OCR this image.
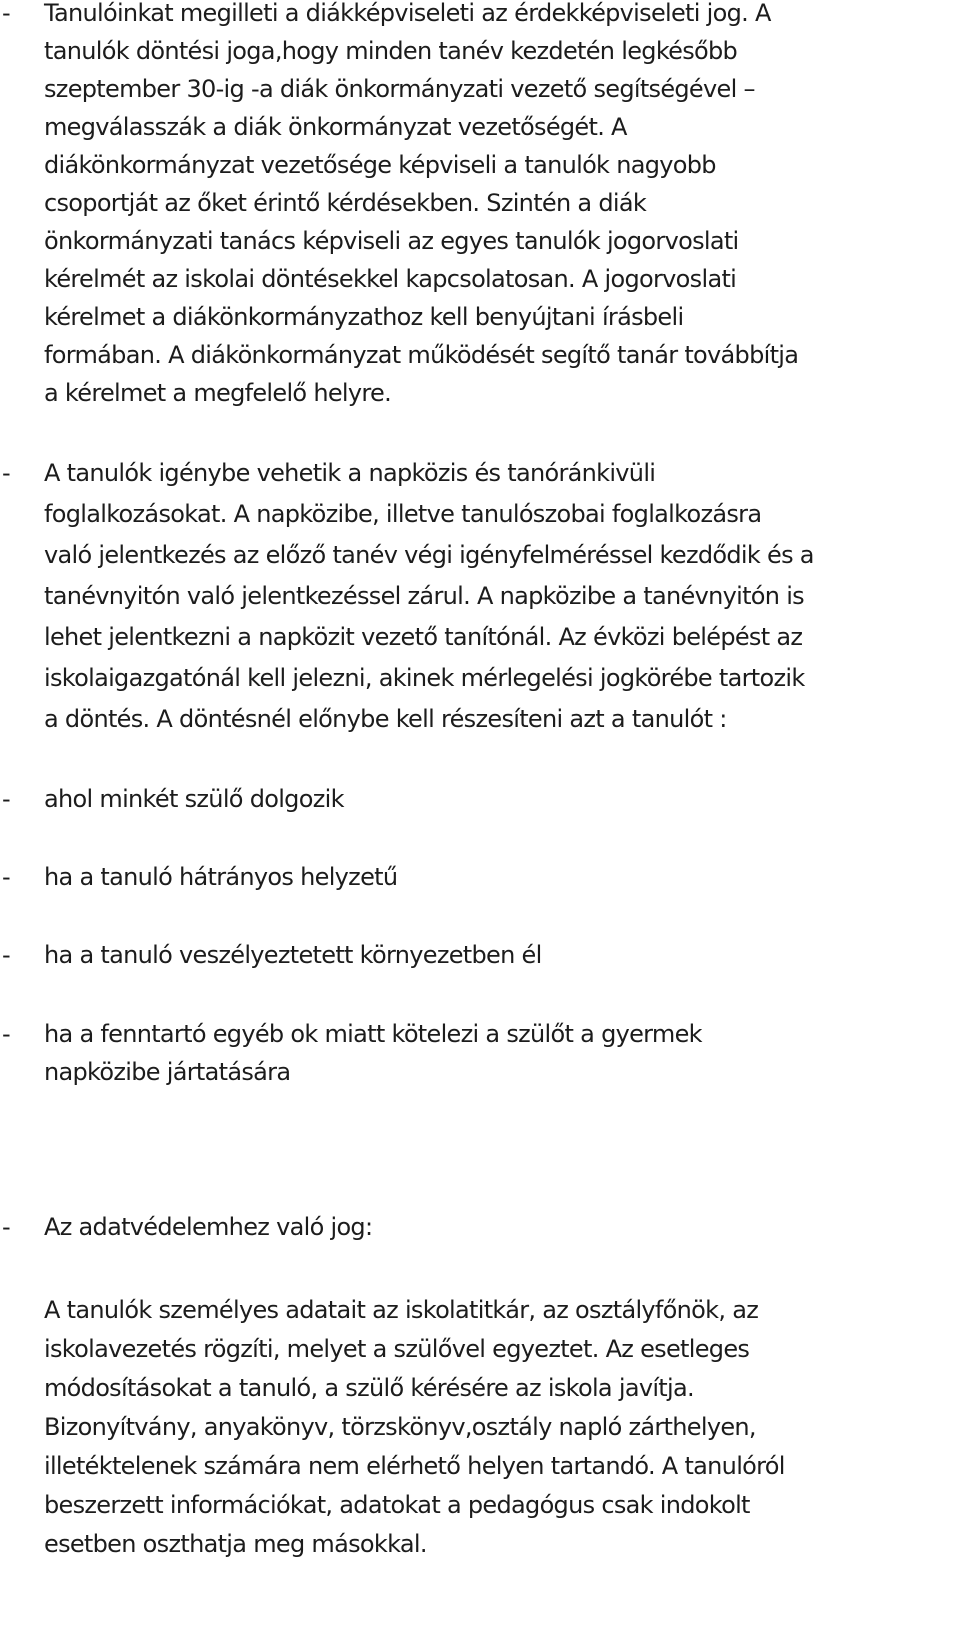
- Tanulóinkat megilleti a diákképviseleti az érdekképviseleti jog. A
tanulók döntési joga,hogy minden tanév kezdetén legkésőbb
szeptember 30-ig -a diák önkormányzati vezető segítségével –
megválasszák a diák önkormányzat vezetőségét. A
diákönkormányzat vezetősége képviseli a tanulók nagyobb
csoportját az őket érintő kérdésekben. Szintén a diák
önkormányzati tanács képviseli az egyes tanulók jogorvoslati
kérelmét az iskolai döntésekkel kapcsolatosan. A jogorvoslati
kérelmet a diákönkormányzathoz kell benyújtani írásbeli
formában. A diákönkormányzat működését segítő tanár továbbítja
a kérelmet a megfelelő helyre.
- A tanulók igénybe vehetik a napközis és tanóránkivüli
foglalkozásokat. A napközibe, illetve tanulószobai foglalkozásra
való jelentkezés az előző tanév végi igényfelméréssel kezdődik és a
tanévnyitón való jelentkezéssel zárul. A napközibe a tanévnyitón is
lehet jelentkezni a napközit vezető tanítónál. Az évközi belépést az
iskolaigazgatónál kell jelezni, akinek mérlegelési jogkörébe tartozik
a döntés. A döntésnél előnybe kell részesíteni azt a tanulót :
- ahol minkét szülő dolgozik
- ha a tanuló hátrányos helyzetű
- ha a tanuló veszélyeztetett környezetben él
- ha a fenntartó egyéb ok miatt kötelezi a szülőt a gyermek
napközibe jártatására
- Az adatvédelemhez való jog:
A tanulók személyes adatait az iskolatitkár, az osztályfőnök, az
iskolavezetés rögzíti, melyet a szülővel egyeztet. Az esetleges
módosításokat a tanuló, a szülő kérésére az iskola javítja.
Bizonyítvány, anyakönyv, törzskönyv,osztály napló zárthelyen,
illetéktelenek számára nem elérhető helyen tartandó. A tanulóról
beszerzett információkat, adatokat a pedagógus csak indokolt
esetben oszthatja meg másokkal.
